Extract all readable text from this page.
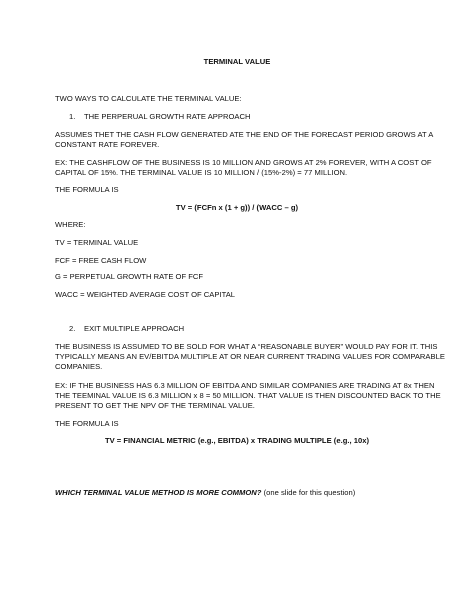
TERMINAL VALUE
TWO WAYS TO CALCULATE THE TERMINAL VALUE:
1. THE PERPERUAL GROWTH RATE APPROACH
ASSUMES THET THE CASH FLOW GENERATED ATE THE END OF THE FORECAST PERIOD GROWS AT A
CONSTANT RATE FOREVER.
EX: THE CASHFLOW OF THE BUSINESS IS 10 MILLION AND GROWS AT 2% FOREVER, WITH A COST OF
CAPITAL OF 15%. THE TERMINAL VALUE IS 10 MILLION / (15%-2%) = 77 MILLION.
THE FORMULA IS
TV = (FCFn x (1 + g)) / (WACC – g)
WHERE:
TV = TERMINAL VALUE
FCF = FREE CASH FLOW
G = PERPETUAL GROWTH RATE OF FCF
WACC = WEIGHTED AVERAGE COST OF CAPITAL
2. EXIT MULTIPLE APPROACH
THE BUSINESS IS ASSUMED TO BE SOLD FOR WHAT A “REASONABLE BUYER” WOULD PAY FOR IT. THIS
TYPICALLY MEANS AN EV/EBITDA MULTIPLE AT OR NEAR CURRENT TRADING VALUES FOR COMPARABLE
COMPANIES.
EX: IF THE BUSINESS HAS 6.3 MILLION OF EBITDA AND SIMILAR COMPANIES ARE TRADING AT 8x THEN
THE TEEMINAL VALUE IS 6.3 MILLION x 8 = 50 MILLION. THAT VALUE IS THEN DISCOUNTED BACK TO THE
PRESENT TO GET THE NPV OF THE TERMINAL VALUE.
THE FORMULA IS
TV = FINANCIAL METRIC (e.g., EBITDA) x TRADING MULTIPLE (e.g., 10x)
WHICH TERMINAL VALUE METHOD IS MORE COMMON? (one slide for this question)
